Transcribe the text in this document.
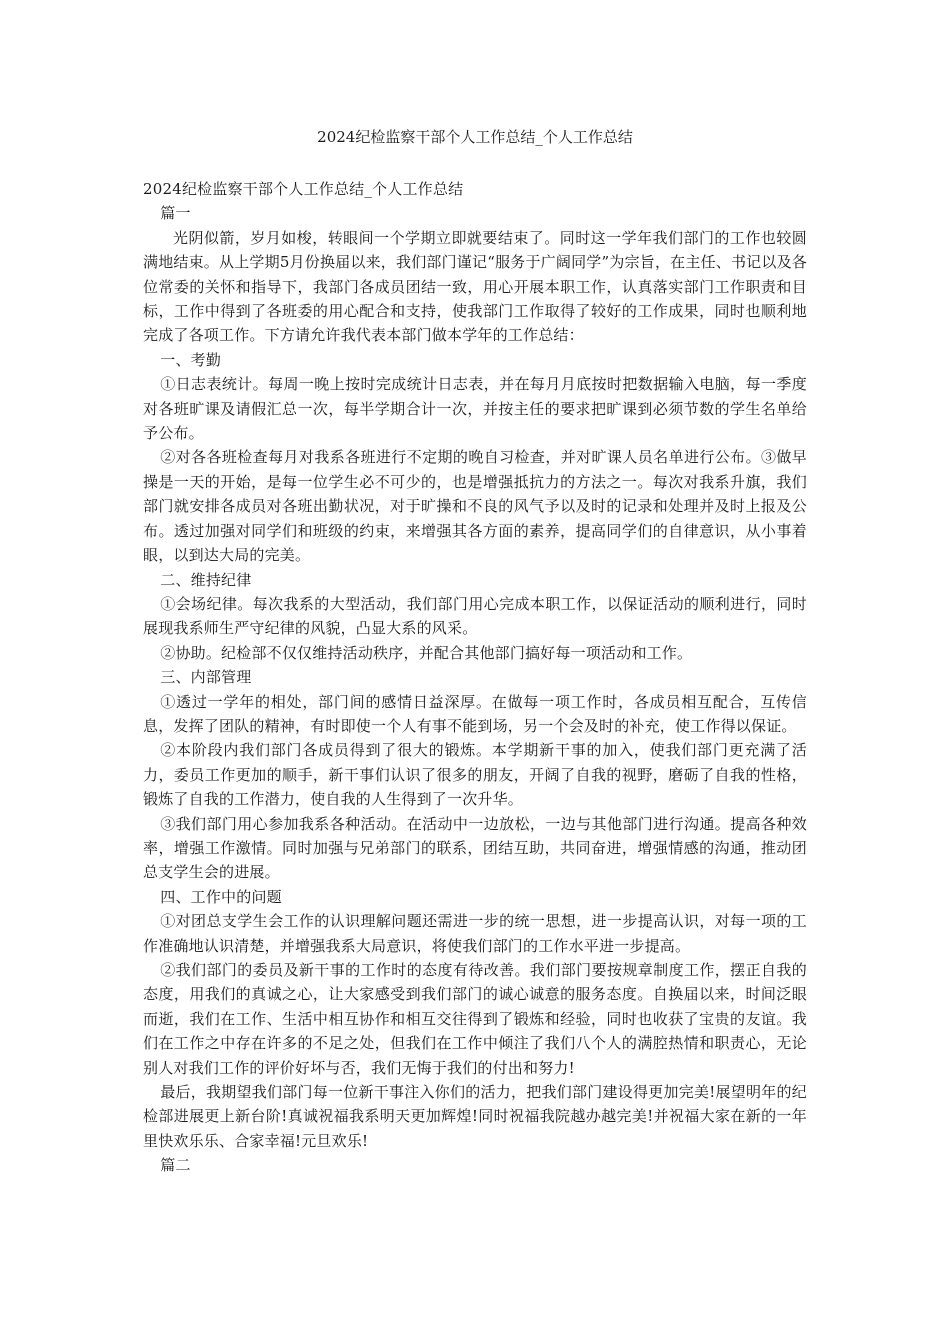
2024纪检监察干部个人工作总结_个人工作总结

2024纪检监察干部个人工作总结_个人工作总结

篇一

光阴似箭，岁月如梭，转眼间一个学期立即就要结束了。同时这一学年我们部门的工作也较圆满地结束。从上学期5月份换届以来，我们部门谨记“服务于广阔同学”为宗旨，在主任、书记以及各位常委的关怀和指导下，我部门各成员团结一致，用心开展本职工作，认真落实部门工作职责和目标，工作中得到了各班委的用心配合和支持，使我部门工作取得了较好的工作成果，同时也顺利地完成了各项工作。下方请允许我代表本部门做本学年的工作总结：

一、考勤

①日志表统计。每周一晚上按时完成统计日志表，并在每月月底按时把数据输入电脑，每一季度对各班旷课及请假汇总一次，每半学期合计一次，并按主任的要求把旷课到必须节数的学生名单给予公布。

②对各各班检查每月对我系各班进行不定期的晚自习检查，并对旷课人员名单进行公布。③做早操是一天的开始，是每一位学生必不可少的，也是增强抵抗力的方法之一。每次对我系升旗，我们部门就安排各成员对各班出勤状况，对于旷操和不良的风气予以及时的记录和处理并及时上报及公布。透过加强对同学们和班级的约束，来增强其各方面的素养，提高同学们的自律意识，从小事着眼，以到达大局的完美。

二、维持纪律

①会场纪律。每次我系的大型活动，我们部门用心完成本职工作，以保证活动的顺利进行，同时展现我系师生严守纪律的风貌，凸显大系的风采。

②协助。纪检部不仅仅维持活动秩序，并配合其他部门搞好每一项活动和工作。

三、内部管理

①透过一学年的相处，部门间的感情日益深厚。在做每一项工作时，各成员相互配合，互传信息，发挥了团队的精神，有时即使一个人有事不能到场，另一个会及时的补充，使工作得以保证。

②本阶段内我们部门各成员得到了很大的锻炼。本学期新干事的加入，使我们部门更充满了活力，委员工作更加的顺手，新干事们认识了很多的朋友，开阔了自我的视野，磨砺了自我的性格，锻炼了自我的工作潜力，使自我的人生得到了一次升华。

③我们部门用心参加我系各种活动。在活动中一边放松，一边与其他部门进行沟通。提高各种效率，增强工作激情。同时加强与兄弟部门的联系，团结互助，共同奋进，增强情感的沟通，推动团总支学生会的进展。

四、工作中的问题

①对团总支学生会工作的认识理解问题还需进一步的统一思想，进一步提高认识，对每一项的工作准确地认识清楚，并增强我系大局意识，将使我们部门的工作水平进一步提高。

②我们部门的委员及新干事的工作时的态度有待改善。我们部门要按规章制度工作，摆正自我的态度，用我们的真诚之心，让大家感受到我们部门的诚心诚意的服务态度。自换届以来，时间泛眼而逝，我们在工作、生活中相互协作和相互交往得到了锻炼和经验，同时也收获了宝贵的友谊。我们在工作之中存在许多的不足之处，但我们在工作中倾注了我们八个人的满腔热情和职责心，无论别人对我们工作的评价好坏与否，我们无悔于我们的付出和努力!

最后，我期望我们部门每一位新干事注入你们的活力，把我们部门建设得更加完美!展望明年的纪检部进展更上新台阶!真诚祝福我系明天更加辉煌!同时祝福我院越办越完美!并祝福大家在新的一年里快欢乐乐、合家幸福!元旦欢乐!

篇二
